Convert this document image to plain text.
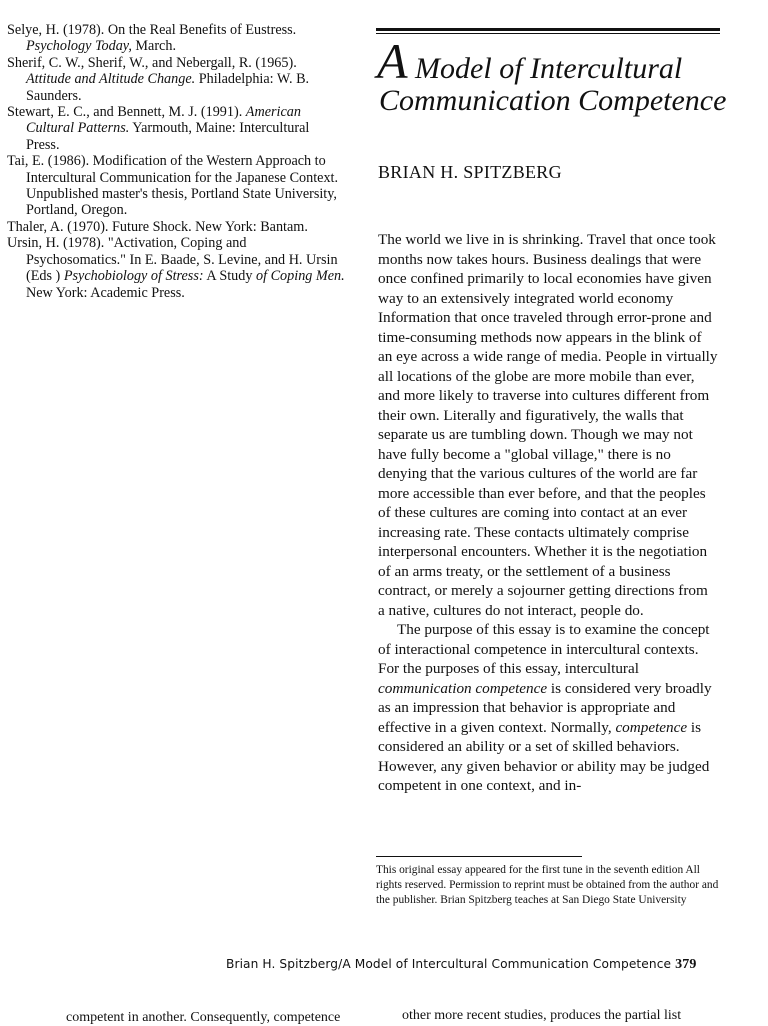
Selye, H. (1978). On the Real Benefits of Eustress. Psychology Today, March.

Sherif, C. W., Sherif, W., and Nebergall, R. (1965). Attitude and Altitude Change. Philadelphia: W. B. Saunders.

Stewart, E. C., and Bennett, M. J. (1991). American Cultural Patterns. Yarmouth, Maine: Intercultural Press.

Tai, E. (1986). Modification of the Western Approach to Intercultural Communication for the Japanese Context. Unpublished master's thesis, Portland State University, Portland, Oregon.

Thaler, A. (1970). Future Shock. New York: Bantam.

Ursin, H. (1978). "Activation, Coping and Psychosomatics." In E. Baade, S. Levine, and H. Ursin (Eds ) Psychobiology of Stress: A Study of Coping Men. New York: Academic Press.

A Model of Intercultural
Communication Competence
BRIAN H. SPITZBERG

The world we live in is shrinking. Travel that once took months now takes hours. Business dealings that were once confined primarily to local economies have given way to an extensively integrated world economy Information that once traveled through error-prone and time-consuming methods now appears in the blink of an eye across a wide range of media. People in virtually all locations of the globe are more mobile than ever, and more likely to traverse into cultures different from their own. Literally and figuratively, the walls that separate us are tumbling down. Though we may not have fully become a "global village," there is no denying that the various cultures of the world are far more accessible than ever before, and that the peoples of these cultures are coming into contact at an ever increasing rate. These contacts ultimately comprise interpersonal encounters. Whether it is the negotiation of an arms treaty, or the settlement of a business contract, or merely a sojourner getting directions from a native, cultures do not interact, people do.

The purpose of this essay is to examine the concept of interactional competence in intercultural contexts. For the purposes of this essay, intercultural communication competence is considered very broadly as an impression that behavior is appropriate and effective in a given context. Normally, competence is considered an ability or a set of skilled behaviors. However, any given behavior or ability may be judged competent in one context, and in-

This original essay appeared for the first tune in the seventh edition All rights reserved. Permission to reprint must be obtained from the author and the publisher. Brian Spitzberg teaches at San Diego State University
Brian H. Spitzberg/A Model of Intercultural Communication Competence 379
competent in another. Consequently, competence	other more recent studies, produces the partial list
